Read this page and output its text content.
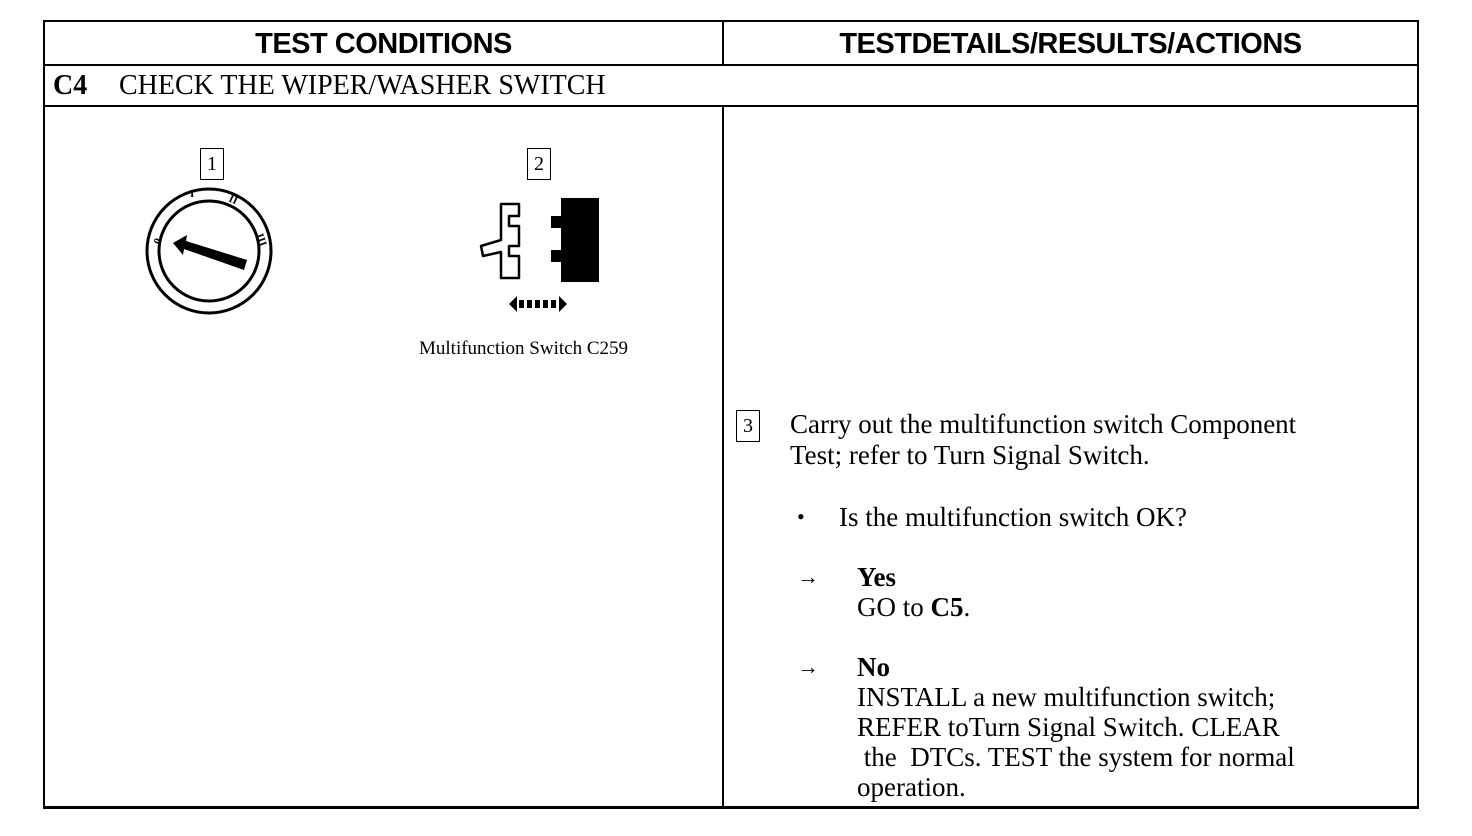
TEST CONDITIONS	TESTDETAILS/RESULTS/ACTIONS
C4 CHECK THE WIPER/WASHER SWITCH
1
0
I	II
III
2
Multifunction Switch C259
3 Carry out the multifunction switch Component
Test; refer to Turn Signal Switch.
• Is the multifunction switch OK?
→ Yes
GO to C5.
→ No
INSTALL a new multifunction switch;
REFER toTurn Signal Switch. CLEAR
the  DTCs. TEST the system for normal
operation.
